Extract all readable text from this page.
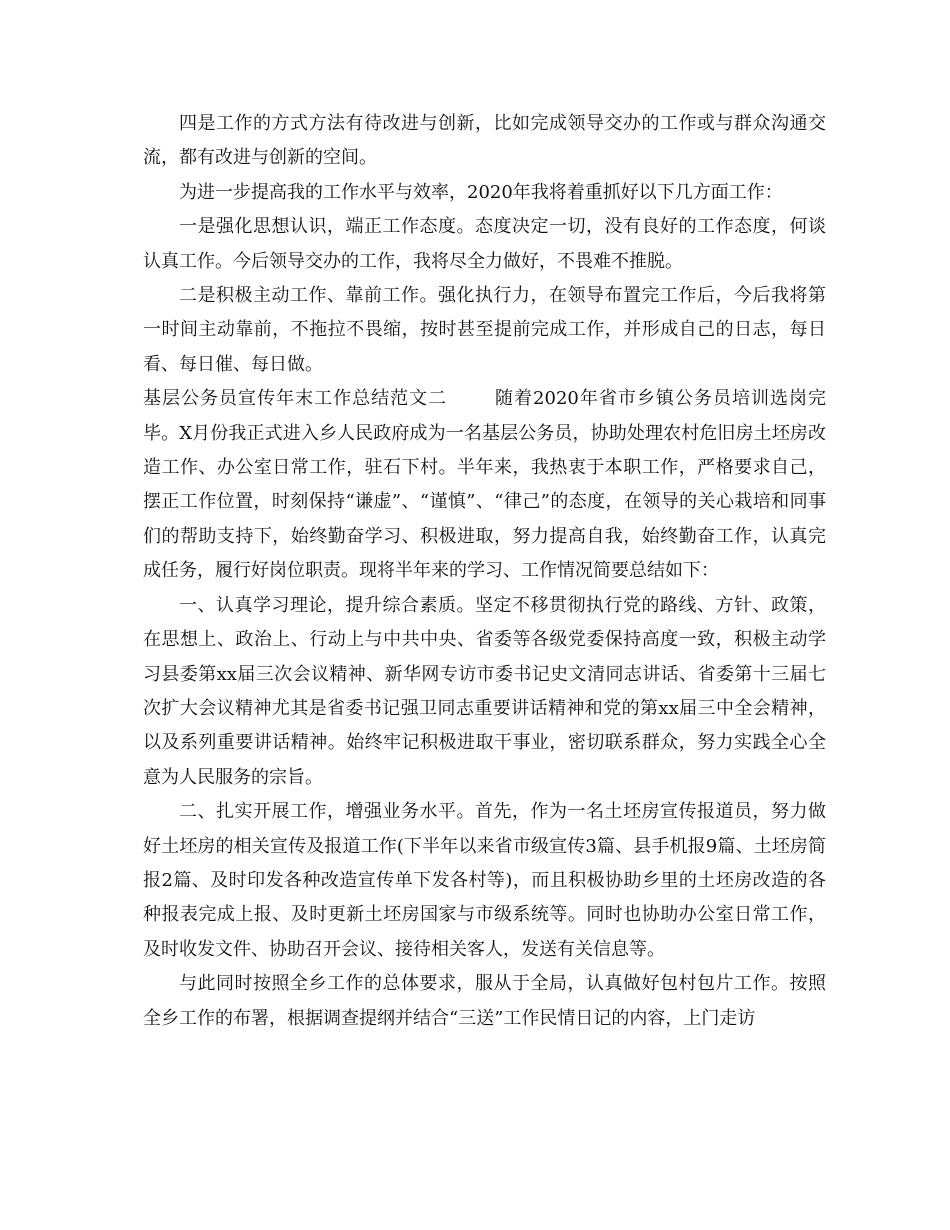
四是工作的方式方法有待改进与创新，比如完成领导交办的工作或与群众沟通交流，都有改进与创新的空间。

为进一步提高我的工作水平与效率，2020年我将着重抓好以下几方面工作：

一是强化思想认识，端正工作态度。态度决定一切，没有良好的工作态度，何谈认真工作。今后领导交办的工作，我将尽全力做好，不畏难不推脱。

二是积极主动工作、靠前工作。强化执行力，在领导布置完工作后，今后我将第一时间主动靠前，不拖拉不畏缩，按时甚至提前完成工作，并形成自己的日志，每日看、每日催、每日做。

基层公务员宣传年末工作总结范文二	随着2020年省市乡镇公务员培训选岗完毕。X月份我正式进入乡人民政府成为一名基层公务员，协助处理农村危旧房土坯房改造工作、办公室日常工作，驻石下村。半年来，我热衷于本职工作，严格要求自己，摆正工作位置，时刻保持“谦虚”、“谨慎”、“律己”的态度，在领导的关心栽培和同事们的帮助支持下，始终勤奋学习、积极进取，努力提高自我，始终勤奋工作，认真完成任务，履行好岗位职责。现将半年来的学习、工作情况简要总结如下：

一、认真学习理论，提升综合素质。坚定不移贯彻执行党的路线、方针、政策，在思想上、政治上、行动上与中共中央、省委等各级党委保持高度一致，积极主动学习县委第xx届三次会议精神、新华网专访市委书记史文清同志讲话、省委第十三届七次扩大会议精神尤其是省委书记强卫同志重要讲话精神和党的第xx届三中全会精神，以及系列重要讲话精神。始终牢记积极进取干事业，密切联系群众，努力实践全心全意为人民服务的宗旨。

二、扎实开展工作，增强业务水平。首先，作为一名土坯房宣传报道员，努力做好土坯房的相关宣传及报道工作(下半年以来省市级宣传3篇、县手机报9篇、土坯房简报2篇、及时印发各种改造宣传单下发各村等)，而且积极协助乡里的土坯房改造的各种报表完成上报、及时更新土坯房国家与市级系统等。同时也协助办公室日常工作，及时收发文件、协助召开会议、接待相关客人，发送有关信息等。

与此同时按照全乡工作的总体要求，服从于全局，认真做好包村包片工作。按照全乡工作的布署，根据调查提纲并结合“三送”工作民情日记的内容，上门走访
